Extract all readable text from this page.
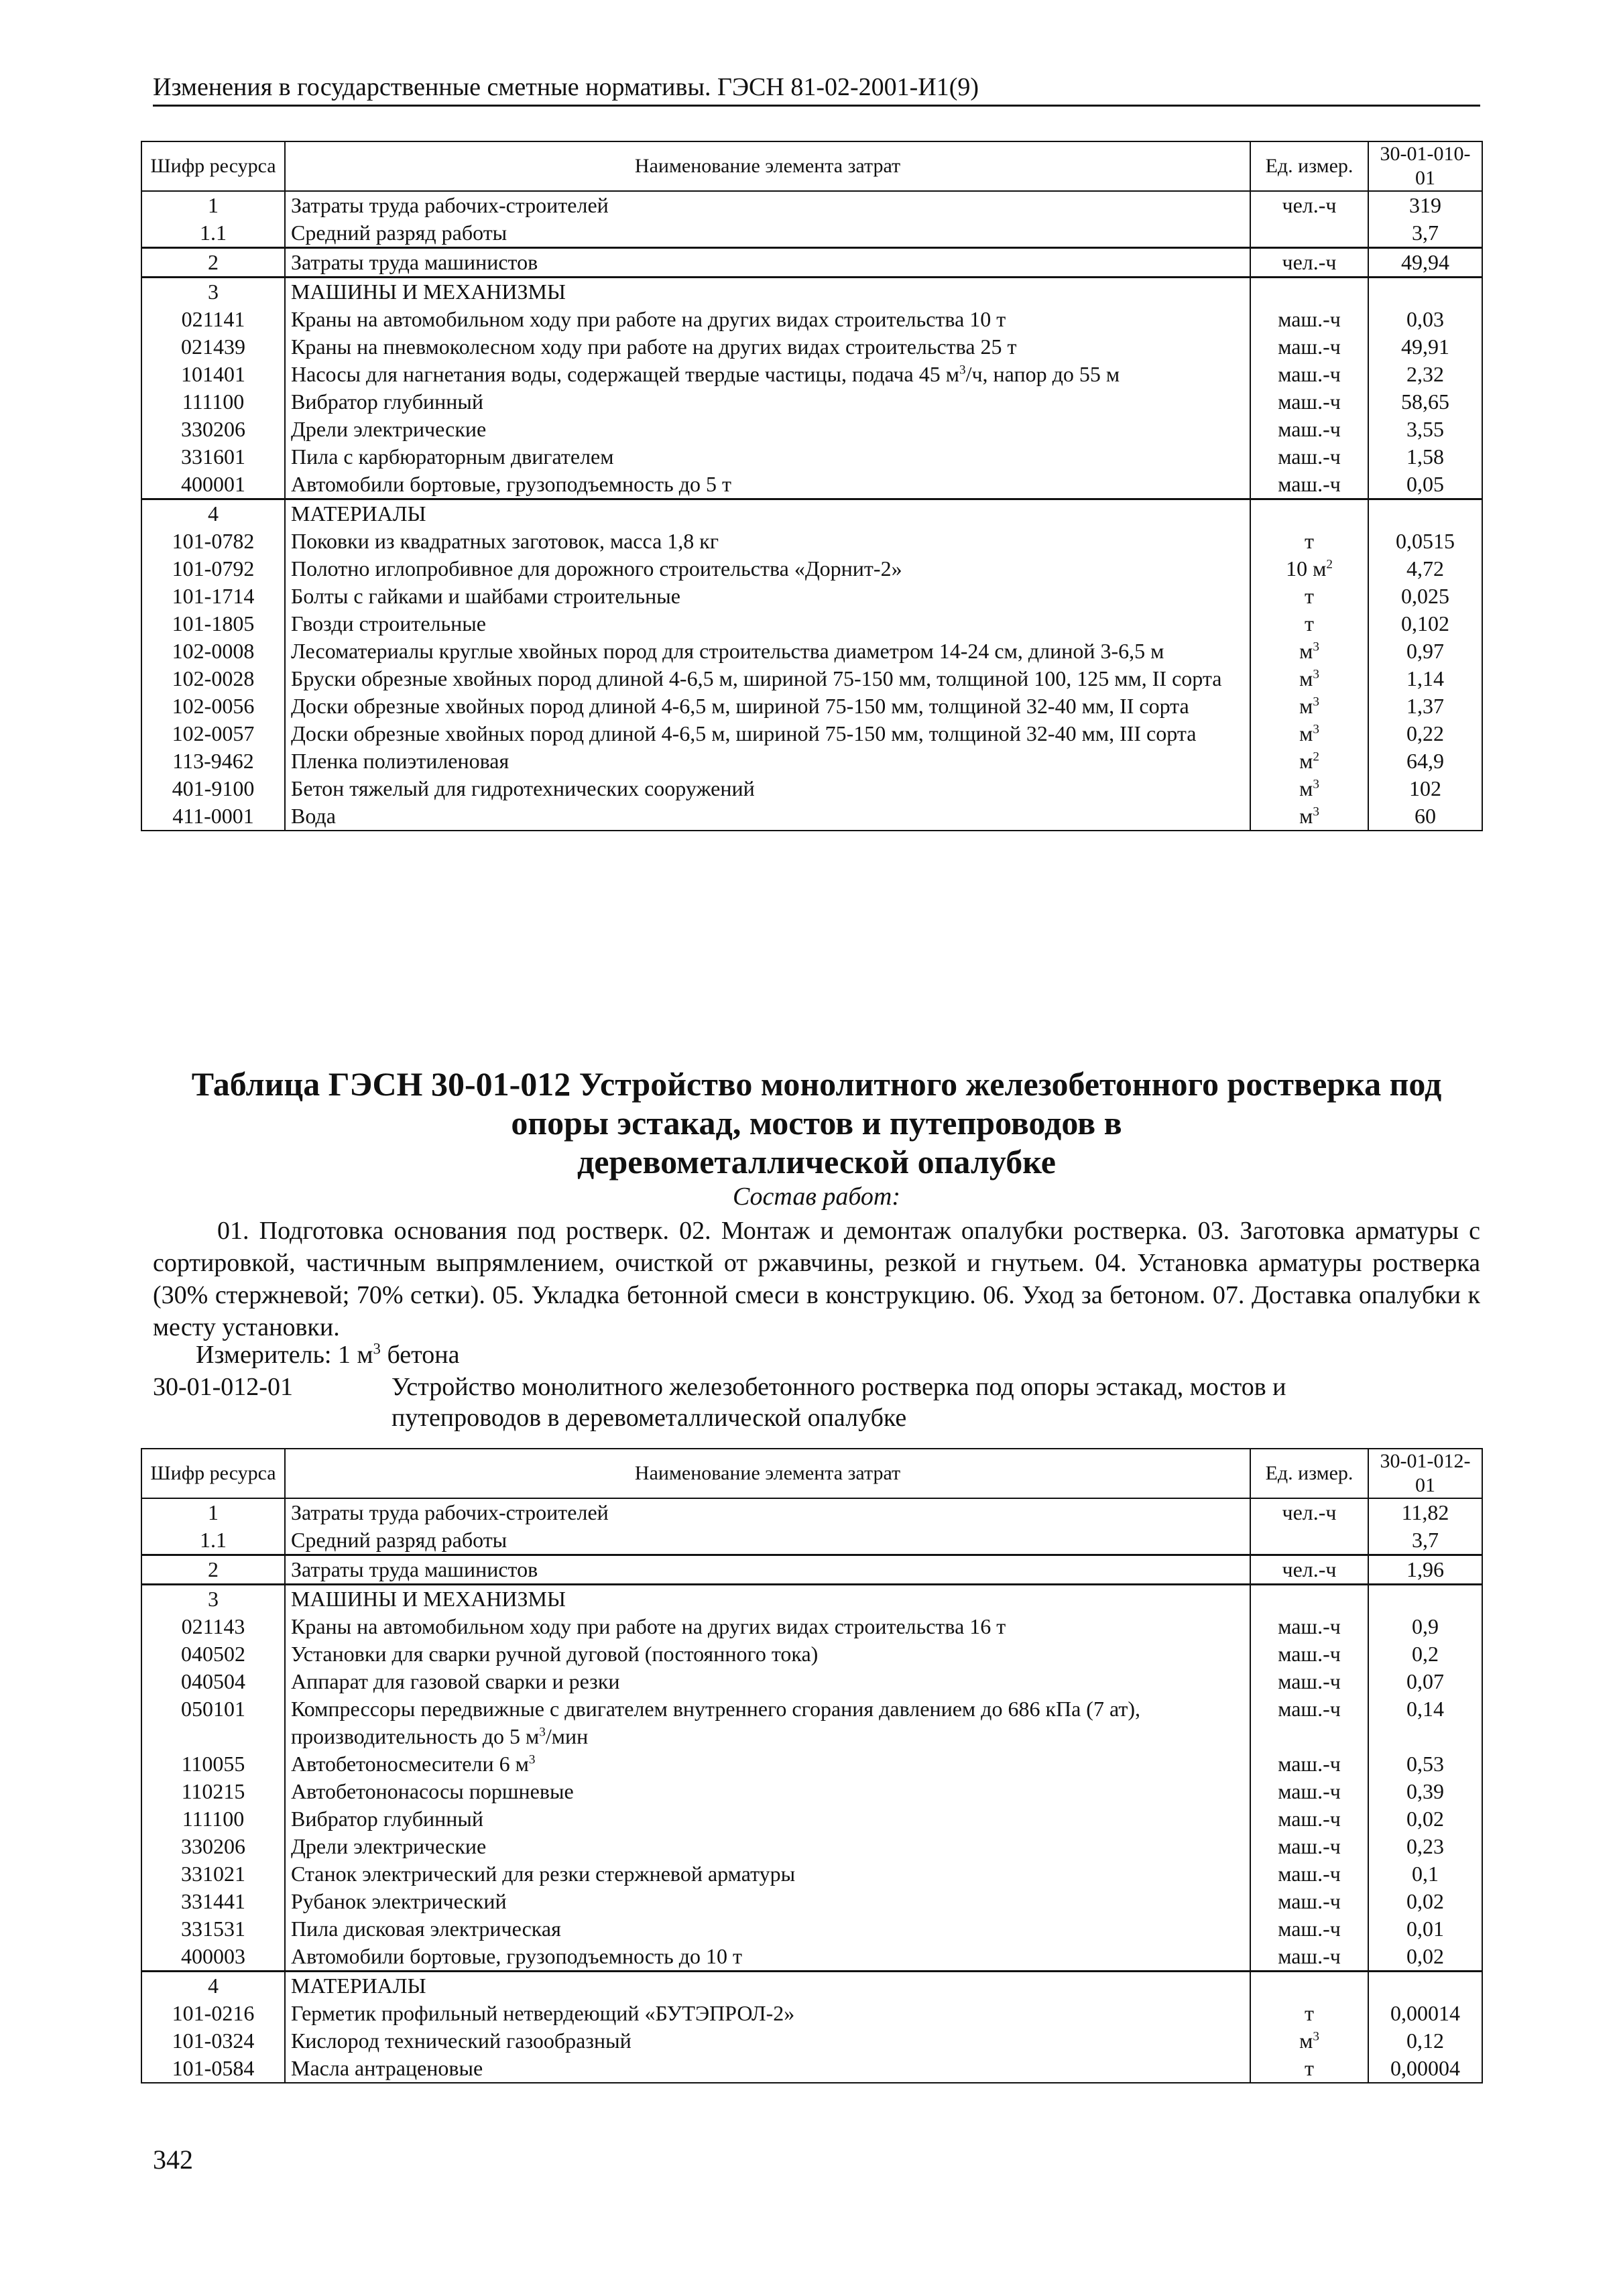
Изменения в государственные сметные нормативы. ГЭСН 81-02-2001-И1(9)
Шифр ресурса	Наименование элемента затрат	Ед. измер.	30-01-010-01
1	Затраты труда рабочих-строителей	чел.-ч	319
1.1	Средний разряд работы		3,7
2	Затраты труда машинистов	чел.-ч	49,94
3	МАШИНЫ И МЕХАНИЗМЫ		
021141	Краны на автомобильном ходу при работе на других видах строительства 10 т	маш.-ч	0,03
021439	Краны на пневмоколесном ходу при работе на других видах строительства 25 т	маш.-ч	49,91
101401	Насосы для нагнетания воды, содержащей твердые частицы, подача 45 $м^3/ч$, напор до 55 м	маш.-ч	2,32
111100	Вибратор глубинный	маш.-ч	58,65
330206	Дрели электрические	маш.-ч	3,55
331601	Пила с карбюраторным двигателем	маш.-ч	1,58
400001	Автомобили бортовые, грузоподъемность до 5 т	маш.-ч	0,05
4	МАТЕРИАЛЫ		
101-0782	Поковки из квадратных заготовок, масса 1,8 кг	т	0,0515
101-0792	Полотно иглопробивное для дорожного строительства «Дорнит-2»	10 $м^2$	4,72
101-1714	Болты с гайками и шайбами строительные	т	0,025
101-1805	Гвозди строительные	т	0,102
102-0008	Лесоматериалы круглые хвойных пород для строительства диаметром 14-24 см, длиной 3-6,5 м	$м^3$	0,97
102-0028	Бруски обрезные хвойных пород длиной 4-6,5 м, шириной 75-150 мм, толщиной 100, 125 мм, II сорта	$м^3$	1,14
102-0056	Доски обрезные хвойных пород длиной 4-6,5 м, шириной 75-150 мм, толщиной 32-40 мм, II сорта	$м^3$	1,37
102-0057	Доски обрезные хвойных пород длиной 4-6,5 м, шириной 75-150 мм, толщиной 32-40 мм, III сорта	$м^3$	0,22
113-9462	Пленка полиэтиленовая	$м^2$	64,9
401-9100	Бетон тяжелый для гидротехнических сооружений	$м^3$	102
411-0001	Вода	$м^3$	60
Таблица ГЭСН 30-01-012 Устройство монолитного железобетонного ростверка под
опоры эстакад, мостов и путепроводов в
деревометаллической опалубке
Состав работ:
01. Подготовка основания под ростверк. 02. Монтаж и демонтаж опалубки ростверка. 03. Заготовка арматуры с сортировкой, частичным выпрямлением, очисткой от ржавчины, резкой и гнутьем. 04. Установка арматуры ростверка (30% стержневой; 70% сетки). 05. Укладка бетонной смеси в конструкцию. 06. Уход за бетоном. 07. Доставка опалубки к месту установки.
Измеритель: 1 $м^3$ бетона
30-01-012-01	Устройство монолитного железобетонного ростверка под опоры эстакад, мостов и путепроводов в деревометаллической опалубке
Шифр ресурса	Наименование элемента затрат	Ед. измер.	30-01-012-01
1	Затраты труда рабочих-строителей	чел.-ч	11,82
1.1	Средний разряд работы		3,7
2	Затраты труда машинистов	чел.-ч	1,96
3	МАШИНЫ И МЕХАНИЗМЫ		
021143	Краны на автомобильном ходу при работе на других видах строительства 16 т	маш.-ч	0,9
040502	Установки для сварки ручной дуговой (постоянного тока)	маш.-ч	0,2
040504	Аппарат для газовой сварки и резки	маш.-ч	0,07
050101	Компрессоры передвижные с двигателем внутреннего сгорания давлением до 686 кПа (7 ат), производительность до 5 $м^3$/мин	маш.-ч	0,14
110055	Автобетоносмесители 6 $м^3$	маш.-ч	0,53
110215	Автобетононасосы поршневые	маш.-ч	0,39
111100	Вибратор глубинный	маш.-ч	0,02
330206	Дрели электрические	маш.-ч	0,23
331021	Станок электрический для резки стержневой арматуры	маш.-ч	0,1
331441	Рубанок электрический	маш.-ч	0,02
331531	Пила дисковая электрическая	маш.-ч	0,01
400003	Автомобили бортовые, грузоподъемность до 10 т	маш.-ч	0,02
4	МАТЕРИАЛЫ		
101-0216	Герметик профильный нетвердеющий «БУТЭПРОЛ-2»	т	0,00014
101-0324	Кислород технический газообразный	$м^3$	0,12
101-0584	Масла антраценовые	т	0,00004
342
